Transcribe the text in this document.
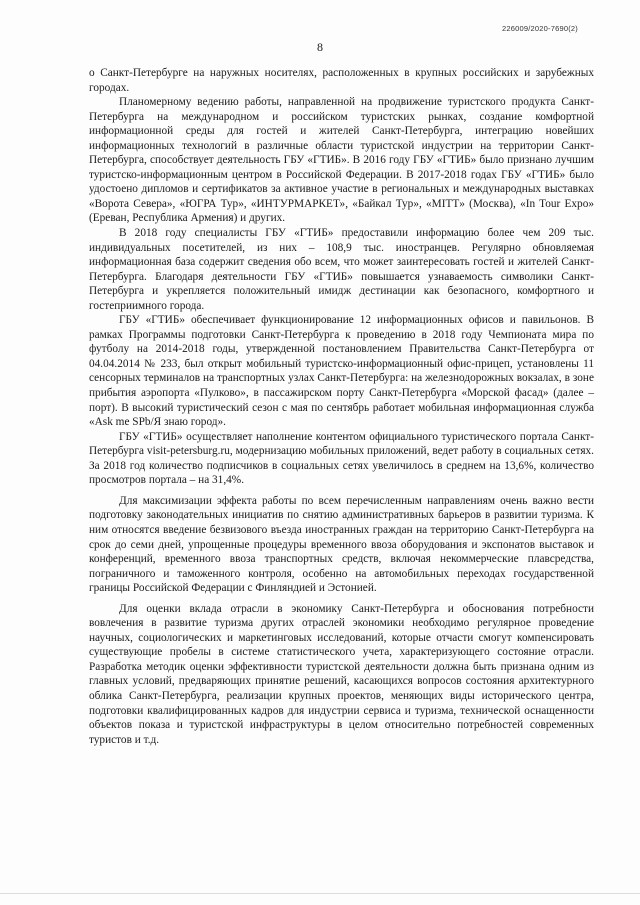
226009/2020-7690(2)
8

о Санкт-Петербурге на наружных носителях, расположенных в крупных российских и зарубежных городах.

Планомерному ведению работы, направленной на продвижение туристского продукта Санкт-Петербурга на международном и российском туристских рынках, создание комфортной информационной среды для гостей и жителей Санкт-Петербурга, интеграцию новейших информационных технологий в различные области туристской индустрии на территории Санкт-Петербурга, способствует деятельность ГБУ «ГТИБ». В 2016 году ГБУ «ГТИБ» было признано лучшим туристско-информационным центром в Российской Федерации. В 2017-2018 годах ГБУ «ГТИБ» было удостоено дипломов и сертификатов за активное участие в региональных и международных выставках «Ворота Севера», «ЮГРА Тур», «ИНТУРМАРКЕТ», «Байкал Тур», «МITT» (Москва), «In Tour Expo» (Ереван, Республика Армения) и других.

В 2018 году специалисты ГБУ «ГТИБ» предоставили информацию более чем 209 тыс. индивидуальных посетителей, из них – 108,9 тыс. иностранцев. Регулярно обновляемая информационная база содержит сведения обо всем, что может заинтересовать гостей и жителей Санкт-Петербурга. Благодаря деятельности ГБУ «ГТИБ» повышается узнаваемость символики Санкт-Петербурга и укрепляется положительный имидж дестинации как безопасного, комфортного и гостеприимного города.

ГБУ «ГТИБ» обеспечивает функционирование 12 информационных офисов и павильонов. В рамках Программы подготовки Санкт-Петербурга к проведению в 2018 году Чемпионата мира по футболу на 2014-2018 годы, утвержденной постановлением Правительства Санкт-Петербурга от 04.04.2014 № 233, был открыт мобильный туристско-информационный офис-прицеп, установлены 11 сенсорных терминалов на транспортных узлах Санкт-Петербурга: на железнодорожных вокзалах, в зоне прибытия аэропорта «Пулково», в пассажирском порту Санкт-Петербурга «Морской фасад» (далее – порт). В высокий туристический сезон с мая по сентябрь работает мобильная информационная служба «Ask me SPb/Я знаю город».

ГБУ «ГТИБ» осуществляет наполнение контентом официального туристического портала Санкт-Петербурга visit-petersburg.ru, модернизацию мобильных приложений, ведет работу в социальных сетях. За 2018 год количество подписчиков в социальных сетях увеличилось в среднем на 13,6%, количество просмотров портала – на 31,4%.

Для максимизации эффекта работы по всем перечисленным направлениям очень важно вести подготовку законодательных инициатив по снятию административных барьеров в развитии туризма. К ним относятся введение безвизового въезда иностранных граждан на территорию Санкт-Петербурга на срок до семи дней, упрощенные процедуры временного ввоза оборудования и экспонатов выставок и конференций, временного ввоза транспортных средств, включая некоммерческие плавсредства, пограничного и таможенного контроля, особенно на автомобильных переходах государственной границы Российской Федерации с Финляндией и Эстонией.

Для оценки вклада отрасли в экономику Санкт-Петербурга и обоснования потребности вовлечения в развитие туризма других отраслей экономики необходимо регулярное проведение научных, социологических и маркетинговых исследований, которые отчасти смогут компенсировать существующие пробелы в системе статистического учета, характеризующего состояние отрасли. Разработка методик оценки эффективности туристской деятельности должна быть признана одним из главных условий, предваряющих принятие решений, касающихся вопросов состояния архитектурного облика Санкт-Петербурга, реализации крупных проектов, меняющих виды исторического центра, подготовки квалифицированных кадров для индустрии сервиса и туризма, технической оснащенности объектов показа и туристской инфраструктуры в целом относительно потребностей современных туристов и т.д.
